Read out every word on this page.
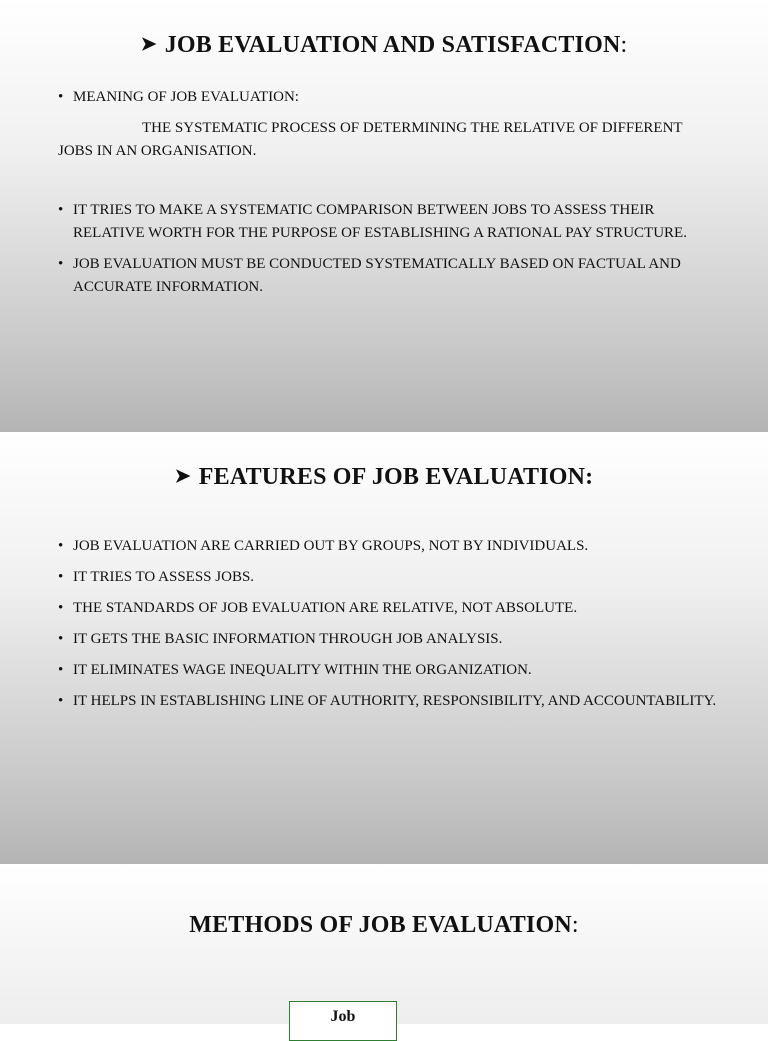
➤ JOB EVALUATION AND SATISFACTION:
• MEANING OF JOB EVALUATION:
THE SYSTEMATIC PROCESS OF DETERMINING THE RELATIVE OF DIFFERENT JOBS IN AN ORGANISATION.
• IT TRIES TO MAKE A SYSTEMATIC COMPARISON BETWEEN JOBS TO ASSESS THEIR RELATIVE WORTH FOR THE PURPOSE OF ESTABLISHING A RATIONAL PAY STRUCTURE.
• JOB EVALUATION MUST BE CONDUCTED SYSTEMATICALLY BASED ON FACTUAL AND ACCURATE INFORMATION.
➤ FEATURES OF JOB EVALUATION:
• JOB EVALUATION ARE CARRIED OUT BY GROUPS, NOT BY INDIVIDUALS.
• IT TRIES TO ASSESS JOBS.
• THE STANDARDS OF JOB EVALUATION ARE RELATIVE, NOT ABSOLUTE.
• IT GETS THE BASIC INFORMATION THROUGH JOB ANALYSIS.
• IT ELIMINATES WAGE INEQUALITY WITHIN THE ORGANIZATION.
• IT HELPS IN ESTABLISHING LINE OF AUTHORITY, RESPONSIBILITY, AND ACCOUNTABILITY.
METHODS OF JOB EVALUATION:
Job
